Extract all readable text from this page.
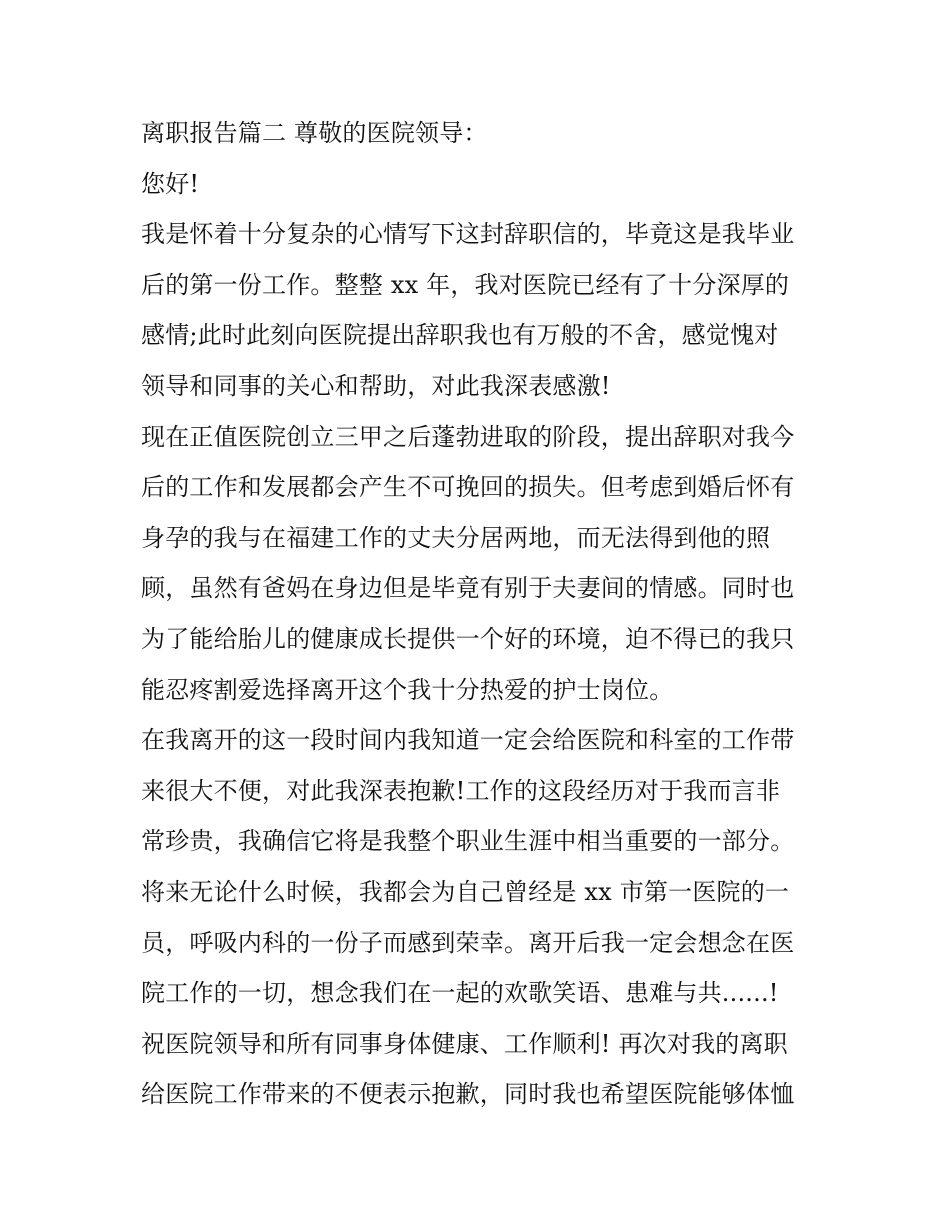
离职报告篇二 尊敬的医院领导：
您好!
我是怀着十分复杂的心情写下这封辞职信的，毕竟这是我毕业
后的第一份工作。整整 xx 年，我对医院已经有了十分深厚的
感情;此时此刻向医院提出辞职我也有万般的不舍，感觉愧对
领导和同事的关心和帮助，对此我深表感激!
现在正值医院创立三甲之后蓬勃进取的阶段，提出辞职对我今
后的工作和发展都会产生不可挽回的损失。但考虑到婚后怀有
身孕的我与在福建工作的丈夫分居两地，而无法得到他的照
顾，虽然有爸妈在身边但是毕竟有别于夫妻间的情感。同时也
为了能给胎儿的健康成长提供一个好的环境，迫不得已的我只
能忍疼割爱选择离开这个我十分热爱的护士岗位。
在我离开的这一段时间内我知道一定会给医院和科室的工作带
来很大不便，对此我深表抱歉!工作的这段经历对于我而言非
常珍贵，我确信它将是我整个职业生涯中相当重要的一部分。
将来无论什么时候，我都会为自己曾经是 xx 市第一医院的一
员，呼吸内科的一份子而感到荣幸。离开后我一定会想念在医
院工作的一切，想念我们在一起的欢歌笑语、患难与共......!
祝医院领导和所有同事身体健康、工作顺利! 再次对我的离职
给医院工作带来的不便表示抱歉，同时我也希望医院能够体恤
